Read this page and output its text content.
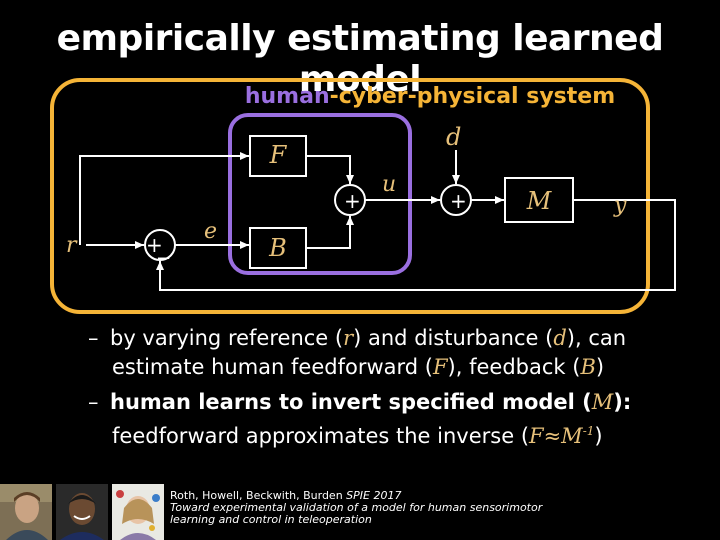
empirically estimating learned model
human-cyber-physical system
r
e
F
B
u
d
M	y
+
−
+	+
– by varying reference (r) and disturbance (d), can
estimate human feedforward (F), feedback (B)
– human learns to invert specified model (M):
feedforward approximates the inverse $(F\approx M^{-1})$
Roth, Howell, Beckwith, Burden SPIE 2017
Toward experimental validation of a model for human sensorimotor
learning and control in teleoperation
